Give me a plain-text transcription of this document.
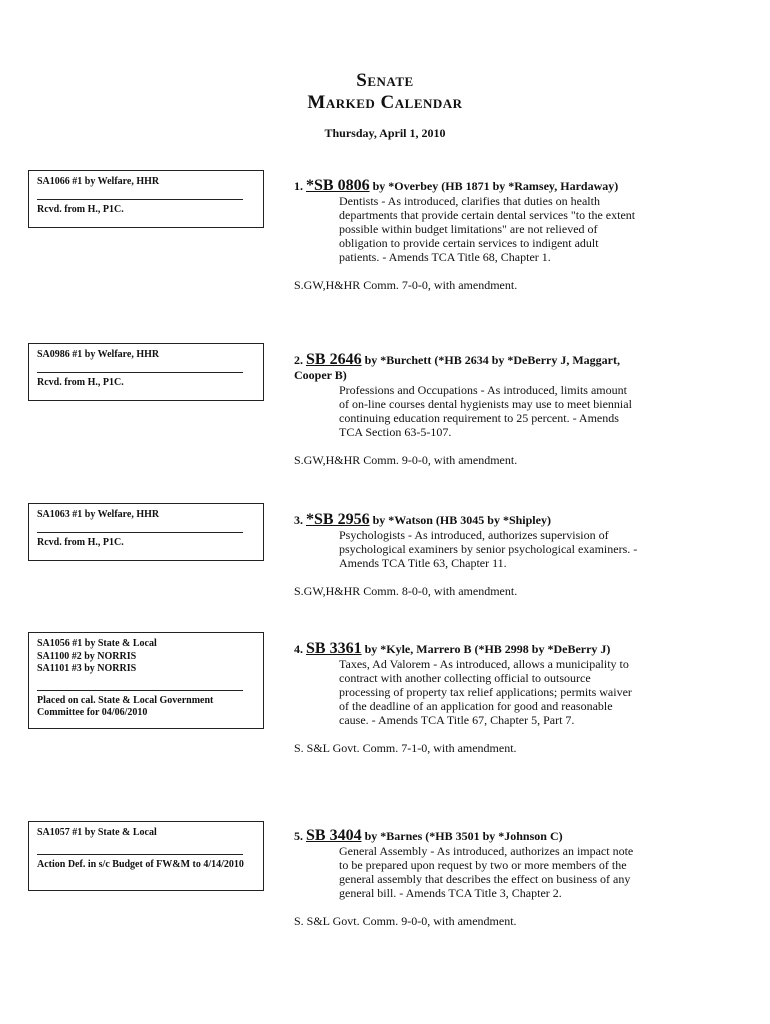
Senate
Marked Calendar
Thursday, April 1, 2010
SA1066 #1 by Welfare, HHR
Rcvd. from H., P1C.
1. *SB 0806 by *Overbey (HB 1871 by *Ramsey, Hardaway)
Dentists - As introduced, clarifies that duties on health departments that provide certain dental services "to the extent possible within budget limitations" are not relieved of obligation to provide certain services to indigent adult patients. - Amends TCA Title 68, Chapter 1.
S.GW,H&HR Comm. 7-0-0, with amendment.
SA0986 #1 by Welfare, HHR
Rcvd. from H., P1C.
2. SB 2646 by *Burchett (*HB 2634 by *DeBerry J, Maggart, Cooper B)
Professions and Occupations - As introduced, limits amount of on-line courses dental hygienists may use to meet biennial continuing education requirement to 25 percent. - Amends TCA Section 63-5-107.
S.GW,H&HR Comm. 9-0-0, with amendment.
SA1063 #1 by Welfare, HHR
Rcvd. from H., P1C.
3. *SB 2956 by *Watson (HB 3045 by *Shipley)
Psychologists - As introduced, authorizes supervision of psychological examiners by senior psychological examiners. - Amends TCA Title 63, Chapter 11.
S.GW,H&HR Comm. 8-0-0, with amendment.
SA1056 #1 by State & Local
SA1100 #2 by NORRIS
SA1101 #3 by NORRIS
Placed on cal. State & Local Government Committee for 04/06/2010
4. SB 3361 by *Kyle, Marrero B (*HB 2998 by *DeBerry J)
Taxes, Ad Valorem - As introduced, allows a municipality to contract with another collecting official to outsource processing of property tax relief applications; permits waiver of the deadline of an application for good and reasonable cause. - Amends TCA Title 67, Chapter 5, Part 7.
S. S&L Govt. Comm. 7-1-0, with amendment.
SA1057 #1 by State & Local
Action Def. in s/c Budget of FW&M to 4/14/2010
5. SB 3404 by *Barnes (*HB 3501 by *Johnson C)
General Assembly - As introduced, authorizes an impact note to be prepared upon request by two or more members of the general assembly that describes the effect on business of any general bill. - Amends TCA Title 3, Chapter 2.
S. S&L Govt. Comm. 9-0-0, with amendment.
